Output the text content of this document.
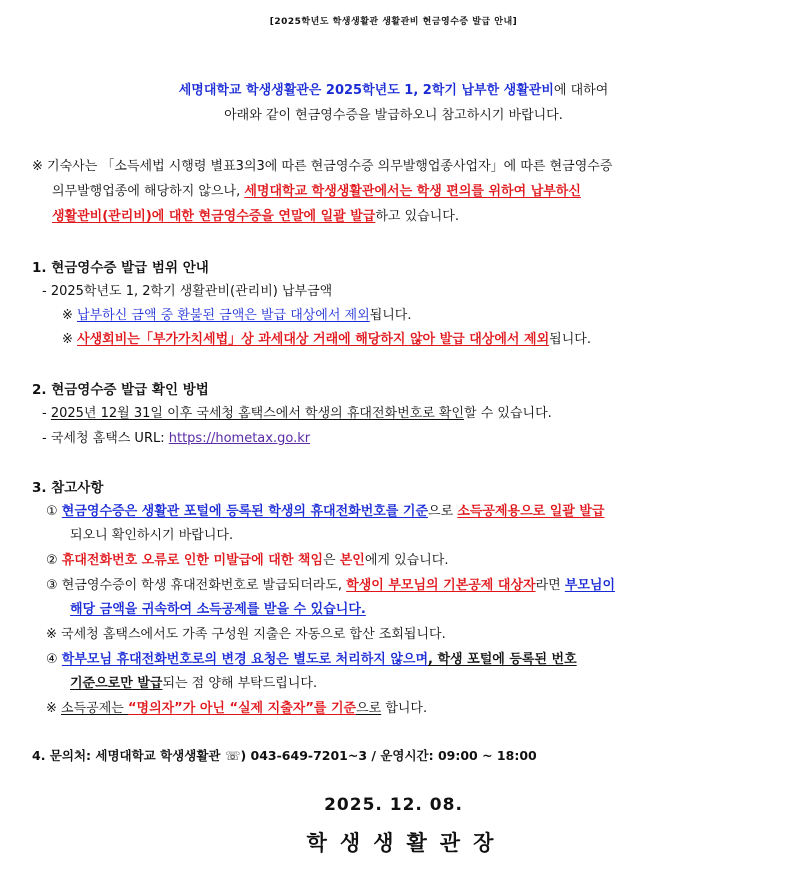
[2025학년도 학생생활관 생활관비 현금영수증 발급 안내]
세명대학교 학생생활관은 2025학년도 1, 2학기 납부한 생활관비에 대하여
아래와 같이 현금영수증을 발급하오니 참고하시기 바랍니다.
※ 기숙사는 「소득세법 시행령 별표3의3에 따른 현금영수증 의무발행업종사업자」에 따른 현금영수증
의무발행업종에 해당하지 않으나, 세명대학교 학생생활관에서는 학생 편의를 위하여 납부하신
생활관비(관리비)에 대한 현금영수증을 연말에 일괄 발급하고 있습니다.
1. 현금영수증 발급 범위 안내
- 2025학년도 1, 2학기 생활관비(관리비) 납부금액
※ 납부하신 금액 중 환불된 금액은 발급 대상에서 제외됩니다.
※ 사생회비는「부가가치세법」상 과세대상 거래에 해당하지 않아 발급 대상에서 제외됩니다.
2. 현금영수증 발급 확인 방법
- 2025년 12월 31일 이후 국세청 홈택스에서 학생의 휴대전화번호로 확인할 수 있습니다.
- 국세청 홈택스 URL: https://hometax.go.kr
3. 참고사항
① 현금영수증은 생활관 포털에 등록된 학생의 휴대전화번호를 기준으로 소득공제용으로 일괄 발급
되오니 확인하시기 바랍니다.
② 휴대전화번호 오류로 인한 미발급에 대한 책임은 본인에게 있습니다.
③ 현금영수증이 학생 휴대전화번호로 발급되더라도, 학생이 부모님의 기본공제 대상자라면 부모님이
해당 금액을 귀속하여 소득공제를 받을 수 있습니다.
※ 국세청 홈택스에서도 가족 구성원 지출은 자동으로 합산 조회됩니다.
④ 학부모님 휴대전화번호로의 변경 요청은 별도로 처리하지 않으며, 학생 포털에 등록된 번호
기준으로만 발급되는 점 양해 부탁드립니다.
※ 소득공제는 “명의자”가 아닌 “실제 지출자”를 기준으로 합니다.
4. 문의처: 세명대학교 학생생활관 ☏) 043-649-7201~3 / 운영시간: 09:00 ~ 18:00
2025. 12. 08.
학생생활관장
